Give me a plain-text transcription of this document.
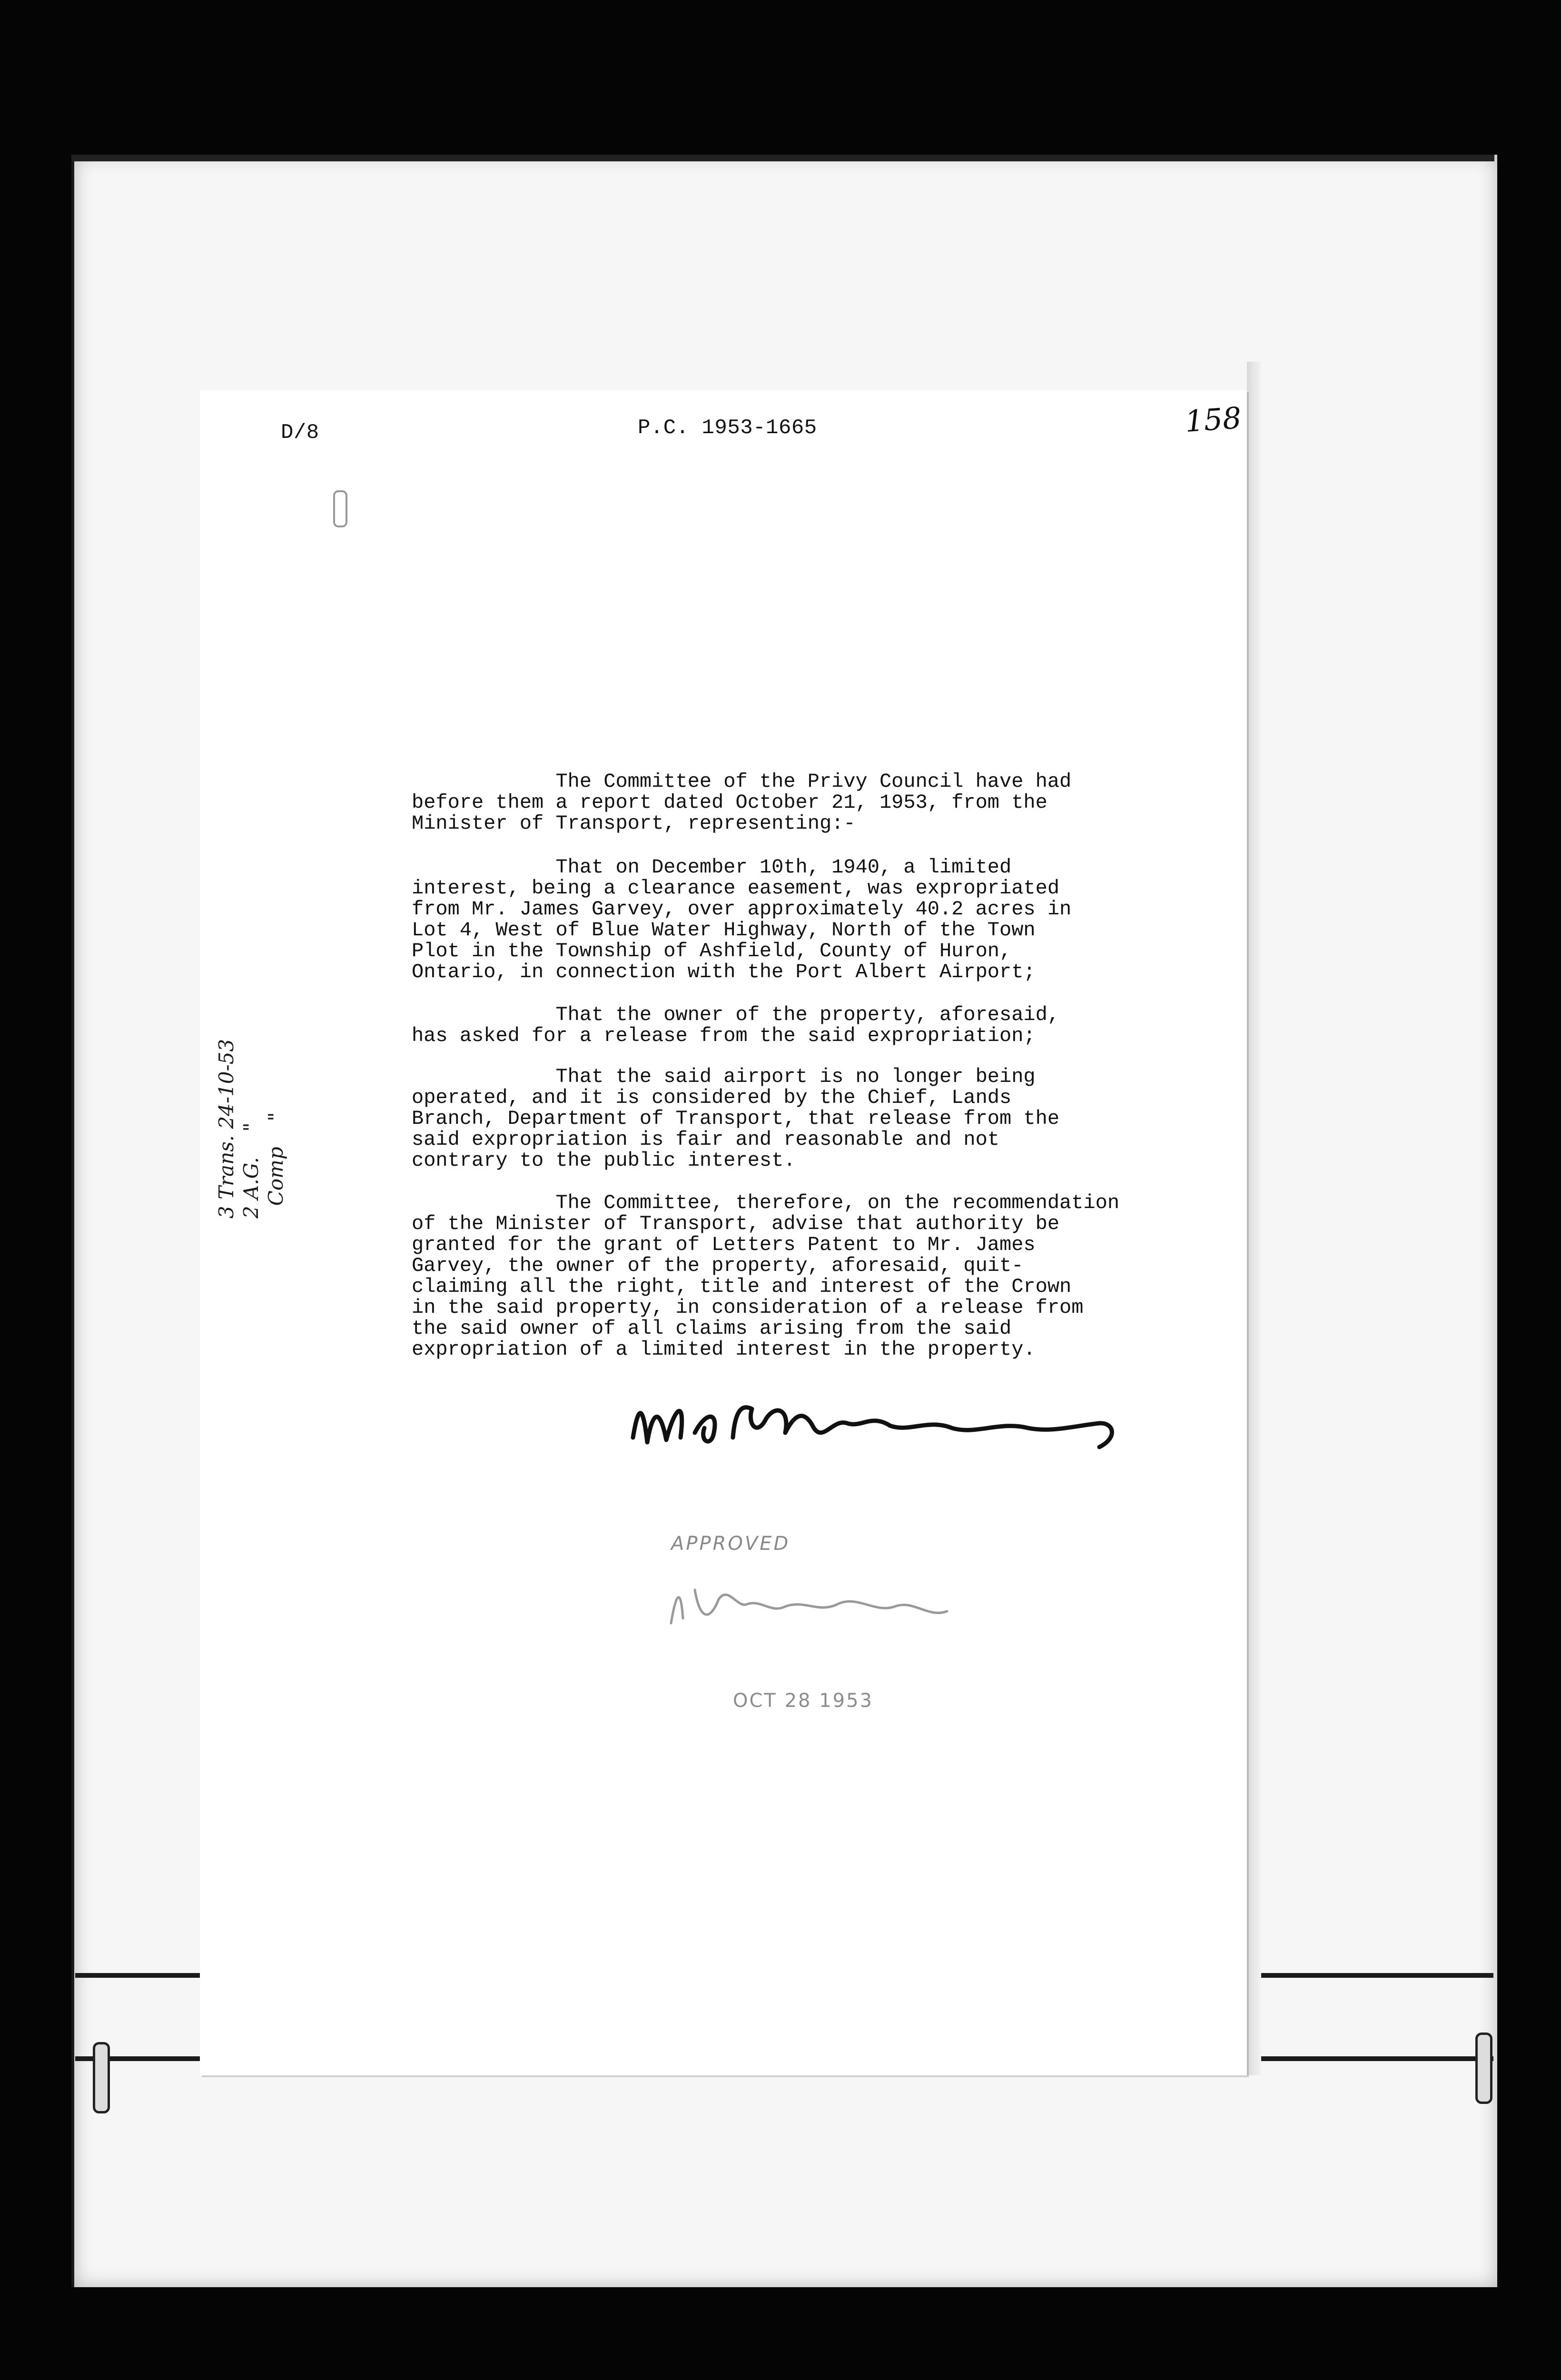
D/8	P.C. 1953-1665	158
The Committee of the Privy Council have had
before them a report dated October 21, 1953, from the
Minister of Transport, representing:-
That on December 10th, 1940, a limited
interest, being a clearance easement, was expropriated
from Mr. James Garvey, over approximately 40.2 acres in
Lot 4, West of Blue Water Highway, North of the Town
Plot in the Township of Ashfield, County of Huron,
Ontario, in connection with the Port Albert Airport;
That the owner of the property, aforesaid,
has asked for a release from the said expropriation;
That the said airport is no longer being
operated, and it is considered by the Chief, Lands
Branch, Department of Transport, that release from the
said expropriation is fair and reasonable and not
contrary to the public interest.
The Committee, therefore, on the recommendation
of the Minister of Transport, advise that authority be
granted for the grant of Letters Patent to Mr. James
Garvey, the owner of the property, aforesaid, quit-
claiming all the right, title and interest of the Crown
in the said property, in consideration of a release from
the said owner of all claims arising from the said
expropriation of a limited interest in the property.
3 Trans. 24-10-53
2 A.G.    "
Comp    "
APPROVED
OCT 28 1953
